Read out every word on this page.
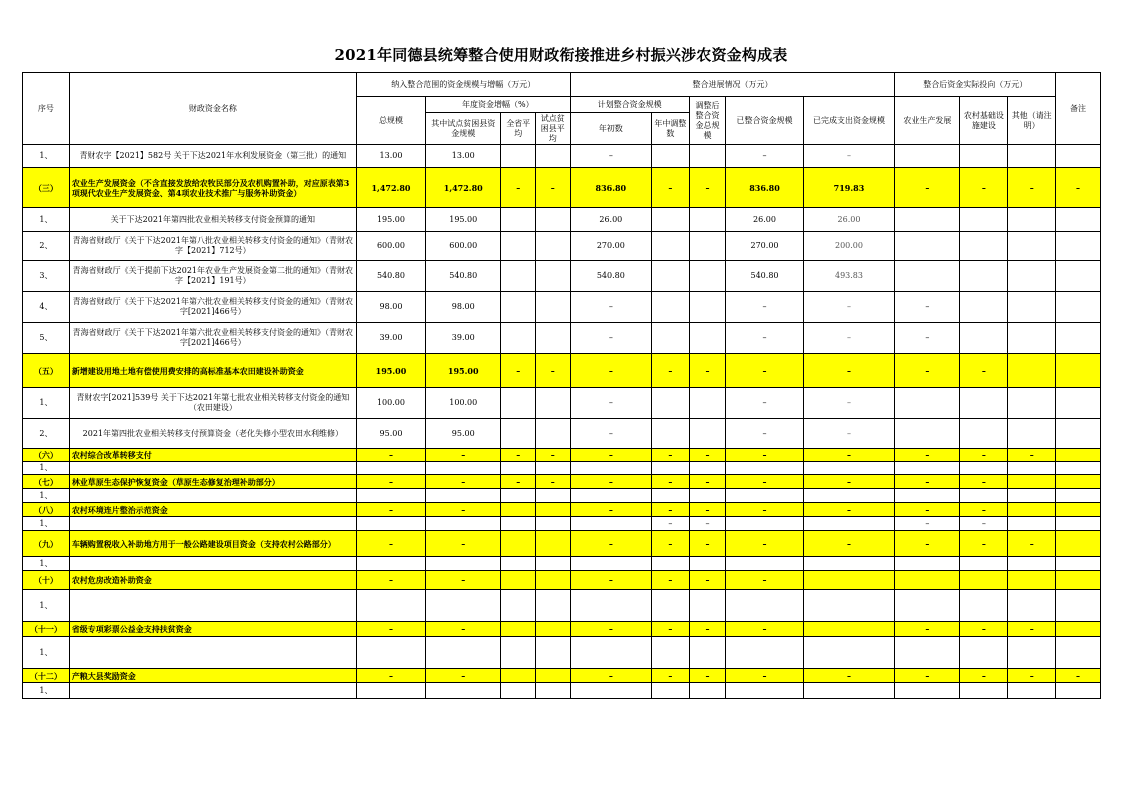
2021年同德县统筹整合使用财政衔接推进乡村振兴涉农资金构成表
序号	财政资金名称	纳入整合范围的资金规模与增幅（万元）				整合进展情况（万元）					整合后资金实际投向（万元）			备注
		总规模	年度资金增幅（%）			计划整合资金规模		调整后整合资金总规模	已整合资金规模	已完成支出资金规模	农业生产发展	农村基础设施建设	其他（请注明）	
			其中试点贫困县资金规模	全省平均	试点贫困县平均	年初数	年中调整数							
1、	青财农字【2021】582号 关于下达2021年水利发展资金（第三批）的通知	13.00	13.00			–			–	–				
（三）	农业生产发展资金（不含直接发放给农牧民部分及农机购置补助，对应原表第3项现代农业生产发展资金、第4项农业技术推广与服务补助资金）	1,472.80	1,472.80	–	–	836.80	–	–	836.80	719.83	–	–	–	–
1、	关于下达2021年第四批农业相关转移支付资金预算的通知	195.00	195.00			26.00			26.00	26.00				
2、	青海省财政厅《关于下达2021年第八批农业相关转移支付资金的通知》（青财农字【2021】712号）	600.00	600.00			270.00			270.00	200.00				
3、	青海省财政厅《关于提前下达2021年农业生产发展资金第二批的通知》（青财农字【2021】191号）	540.80	540.80			540.80			540.80	493.83				
4、	青海省财政厅《关于下达2021年第六批农业相关转移支付资金的通知》（青财农字[2021]466号）	98.00	98.00			–			–	–	–			
5、	青海省财政厅《关于下达2021年第六批农业相关转移支付资金的通知》（青财农字[2021]466号）	39.00	39.00			–			–	–	–			
（五）	新增建设用地土地有偿使用费安排的高标准基本农田建设补助资金	195.00	195.00	–	–	–	–	–	–	–	–	–		
1、	青财农字[2021]539号 关于下达2021年第七批农业相关转移支付资金的通知（农田建设）	100.00	100.00			–			–	–				
2、	2021年第四批农业相关转移支付预算资金（老化失修小型农田水利维修）	95.00	95.00			–			–	–				
（六）	农村综合改革转移支付	–	–	–	–	–	–	–	–	–	–	–	–	
1、														
（七）	林业草原生态保护恢复资金（草原生态修复治理补助部分）	–	–	–	–	–	–	–	–	–	–	–		
1、														
（八）	农村环境连片整治示范资金	–	–			–	–	–	–	–	–	–		
1、							–	–			–	–		
（九）	车辆购置税收入补助地方用于一般公路建设项目资金（支持农村公路部分）	–	–			–	–	–	–	–	–	–	–	
1、														
（十）	农村危房改造补助资金	–	–			–	–	–	–					
1、														
（十一）	省级专项彩票公益金支持扶贫资金	–	–			–	–	–	–		–	–	–	
1、														
（十二）	产粮大县奖励资金	–	–			–	–	–	–	–	–	–	–	–
1、														
